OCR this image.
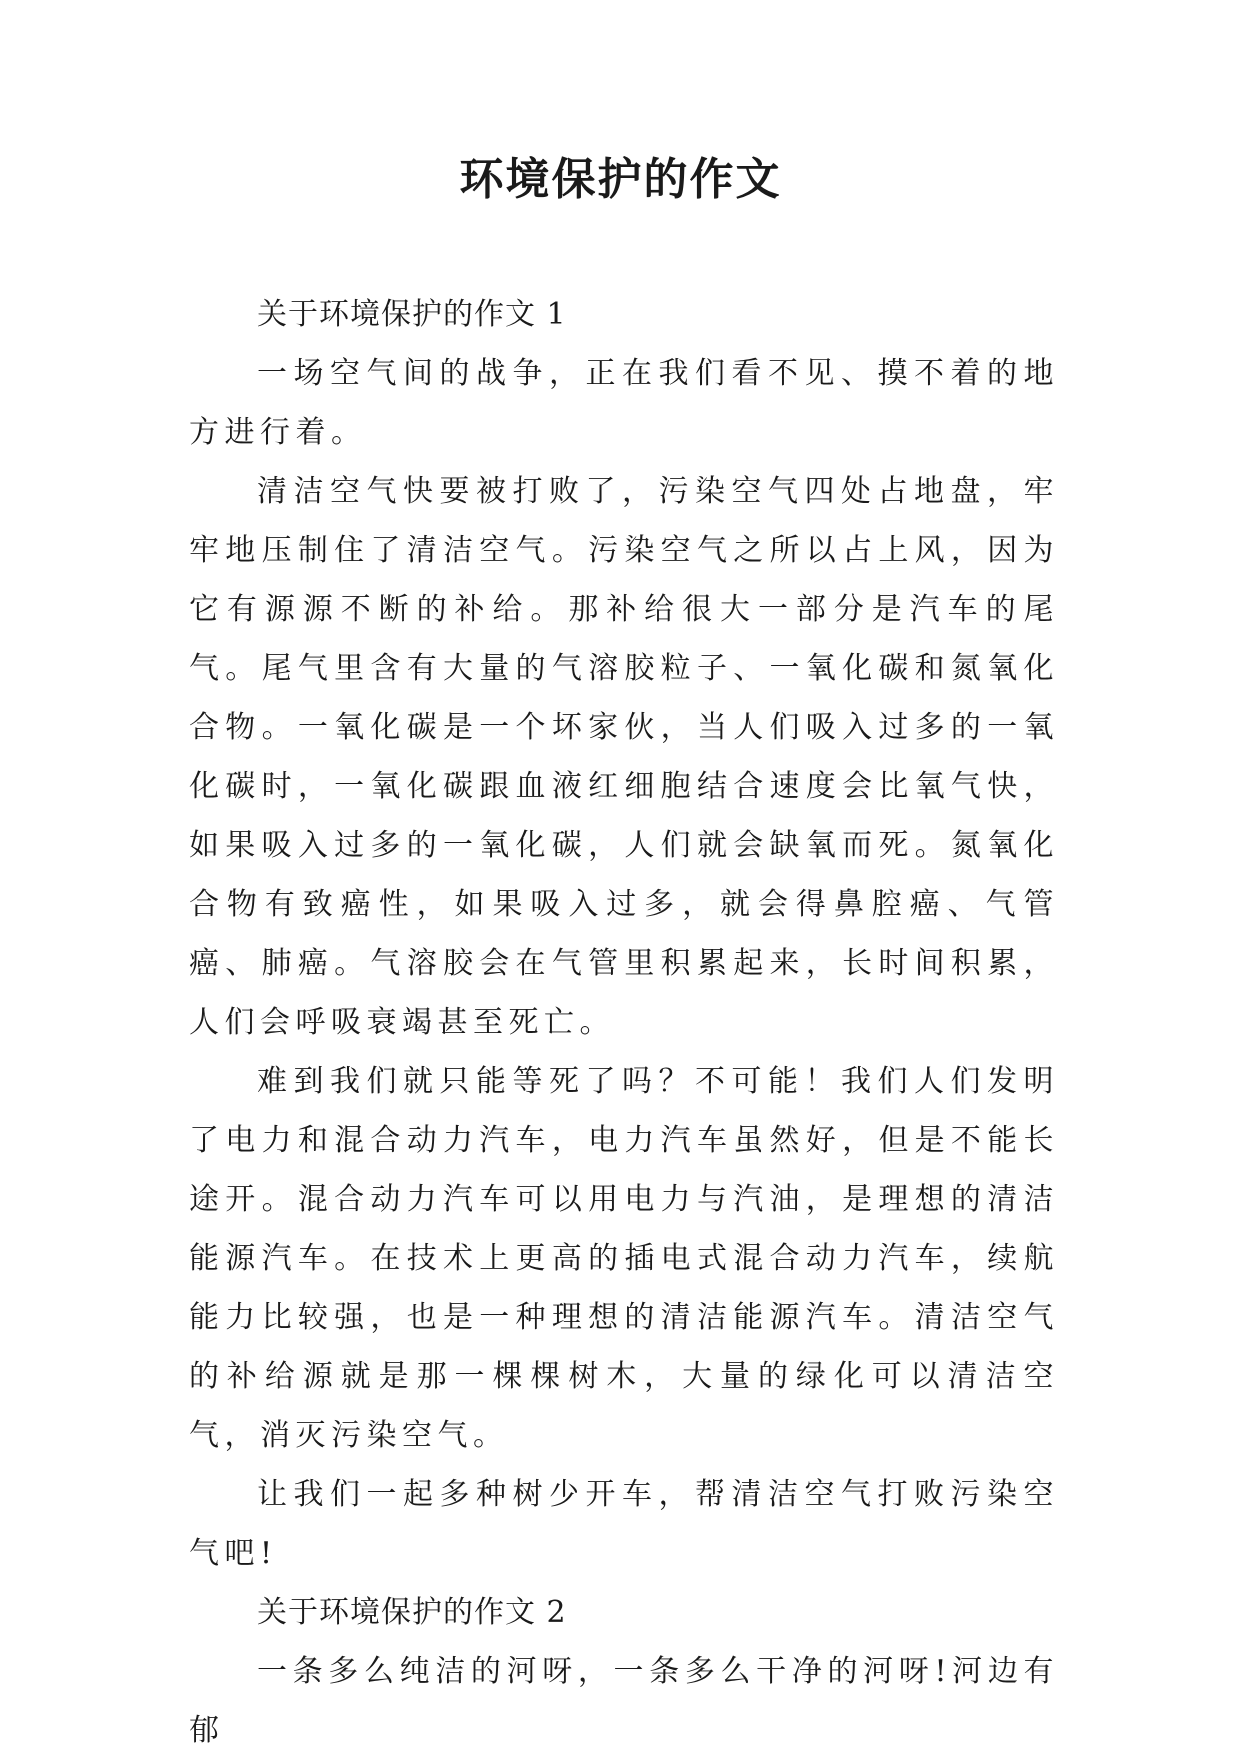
环境保护的作文

关于环境保护的作文 1

一场空气间的战争，正在我们看不见、摸不着的地方进行着。

清洁空气快要被打败了，污染空气四处占地盘，牢牢地压制住了清洁空气。污染空气之所以占上风，因为它有源源不断的补给。那补给很大一部分是汽车的尾气。尾气里含有大量的气溶胶粒子、一氧化碳和氮氧化合物。一氧化碳是一个坏家伙，当人们吸入过多的一氧化碳时，一氧化碳跟血液红细胞结合速度会比氧气快，如果吸入过多的一氧化碳，人们就会缺氧而死。氮氧化合物有致癌性，如果吸入过多，就会得鼻腔癌、气管癌、肺癌。气溶胶会在气管里积累起来，长时间积累，人们会呼吸衰竭甚至死亡。

难到我们就只能等死了吗？不可能！我们人们发明了电力和混合动力汽车，电力汽车虽然好，但是不能长途开。混合动力汽车可以用电力与汽油，是理想的清洁能源汽车。在技术上更高的插电式混合动力汽车，续航能力比较强，也是一种理想的清洁能源汽车。清洁空气的补给源就是那一棵棵树木，大量的绿化可以清洁空气，消灭污染空气。

让我们一起多种树少开车，帮清洁空气打败污染空气吧!

关于环境保护的作文 2

一条多么纯洁的河呀，一条多么干净的河呀!河边有郁
